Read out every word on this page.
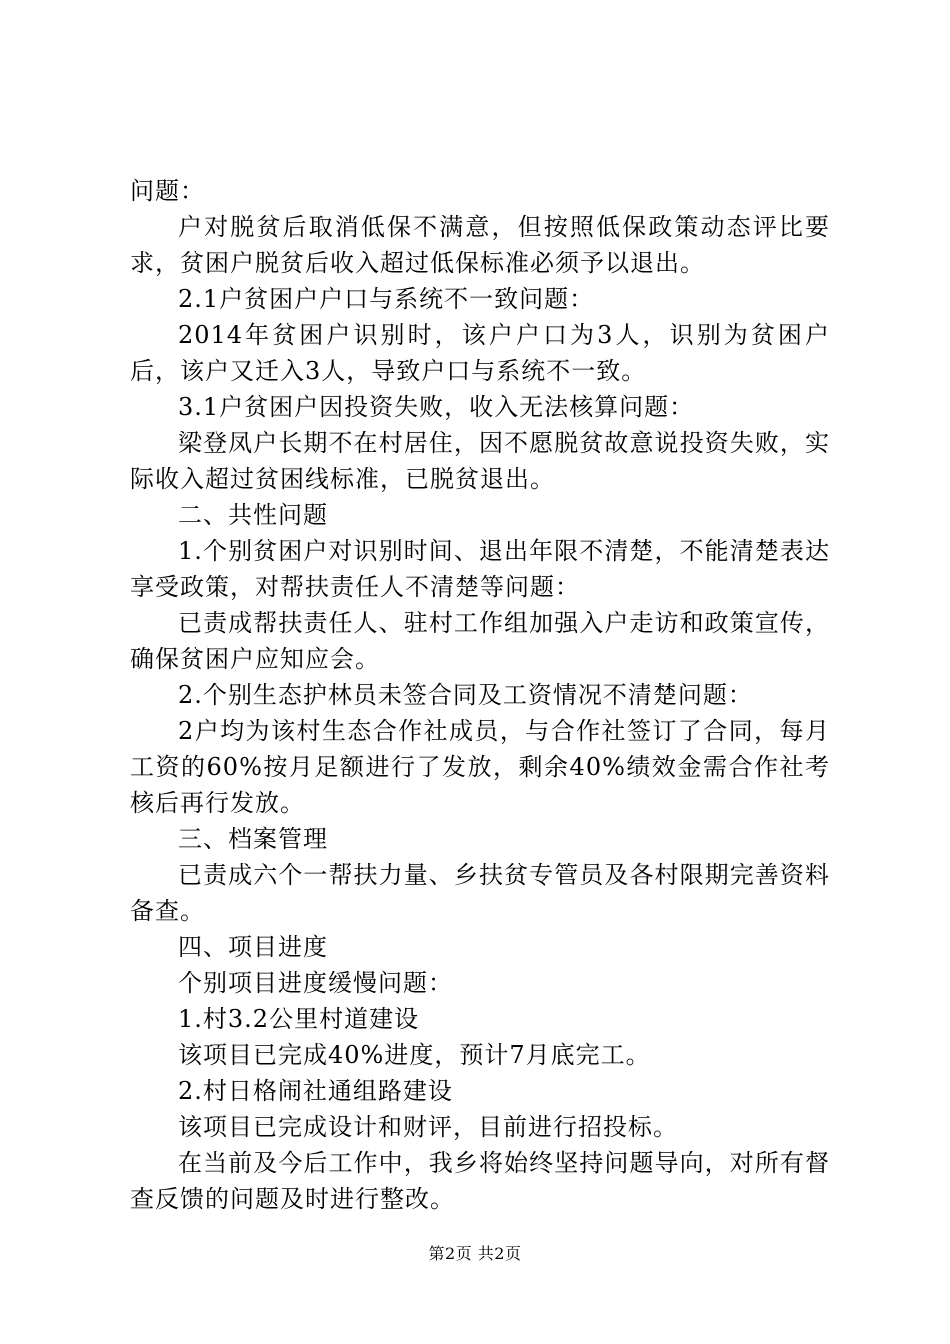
问题：

户对脱贫后取消低保不满意，但按照低保政策动态评比要求，贫困户脱贫后收入超过低保标准必须予以退出。

2.1户贫困户户口与系统不一致问题：

2014年贫困户识别时，该户户口为3人，识别为贫困户后，该户又迁入3人，导致户口与系统不一致。

3.1户贫困户因投资失败，收入无法核算问题：

梁登凤户长期不在村居住，因不愿脱贫故意说投资失败，实际收入超过贫困线标准，已脱贫退出。

二、共性问题

1.个别贫困户对识别时间、退出年限不清楚，不能清楚表达享受政策，对帮扶责任人不清楚等问题：

已责成帮扶责任人、驻村工作组加强入户走访和政策宣传，确保贫困户应知应会。

2.个别生态护林员未签合同及工资情况不清楚问题：

2户均为该村生态合作社成员，与合作社签订了合同，每月工资的60%按月足额进行了发放，剩余40%绩效金需合作社考核后再行发放。

三、档案管理

已责成六个一帮扶力量、乡扶贫专管员及各村限期完善资料备查。

四、项目进度

个别项目进度缓慢问题：

1.村3.2公里村道建设

该项目已完成40%进度，预计7月底完工。

2.村日格闹社通组路建设

该项目已完成设计和财评，目前进行招投标。

在当前及今后工作中，我乡将始终坚持问题导向，对所有督查反馈的问题及时进行整改。

第2页 共2页
